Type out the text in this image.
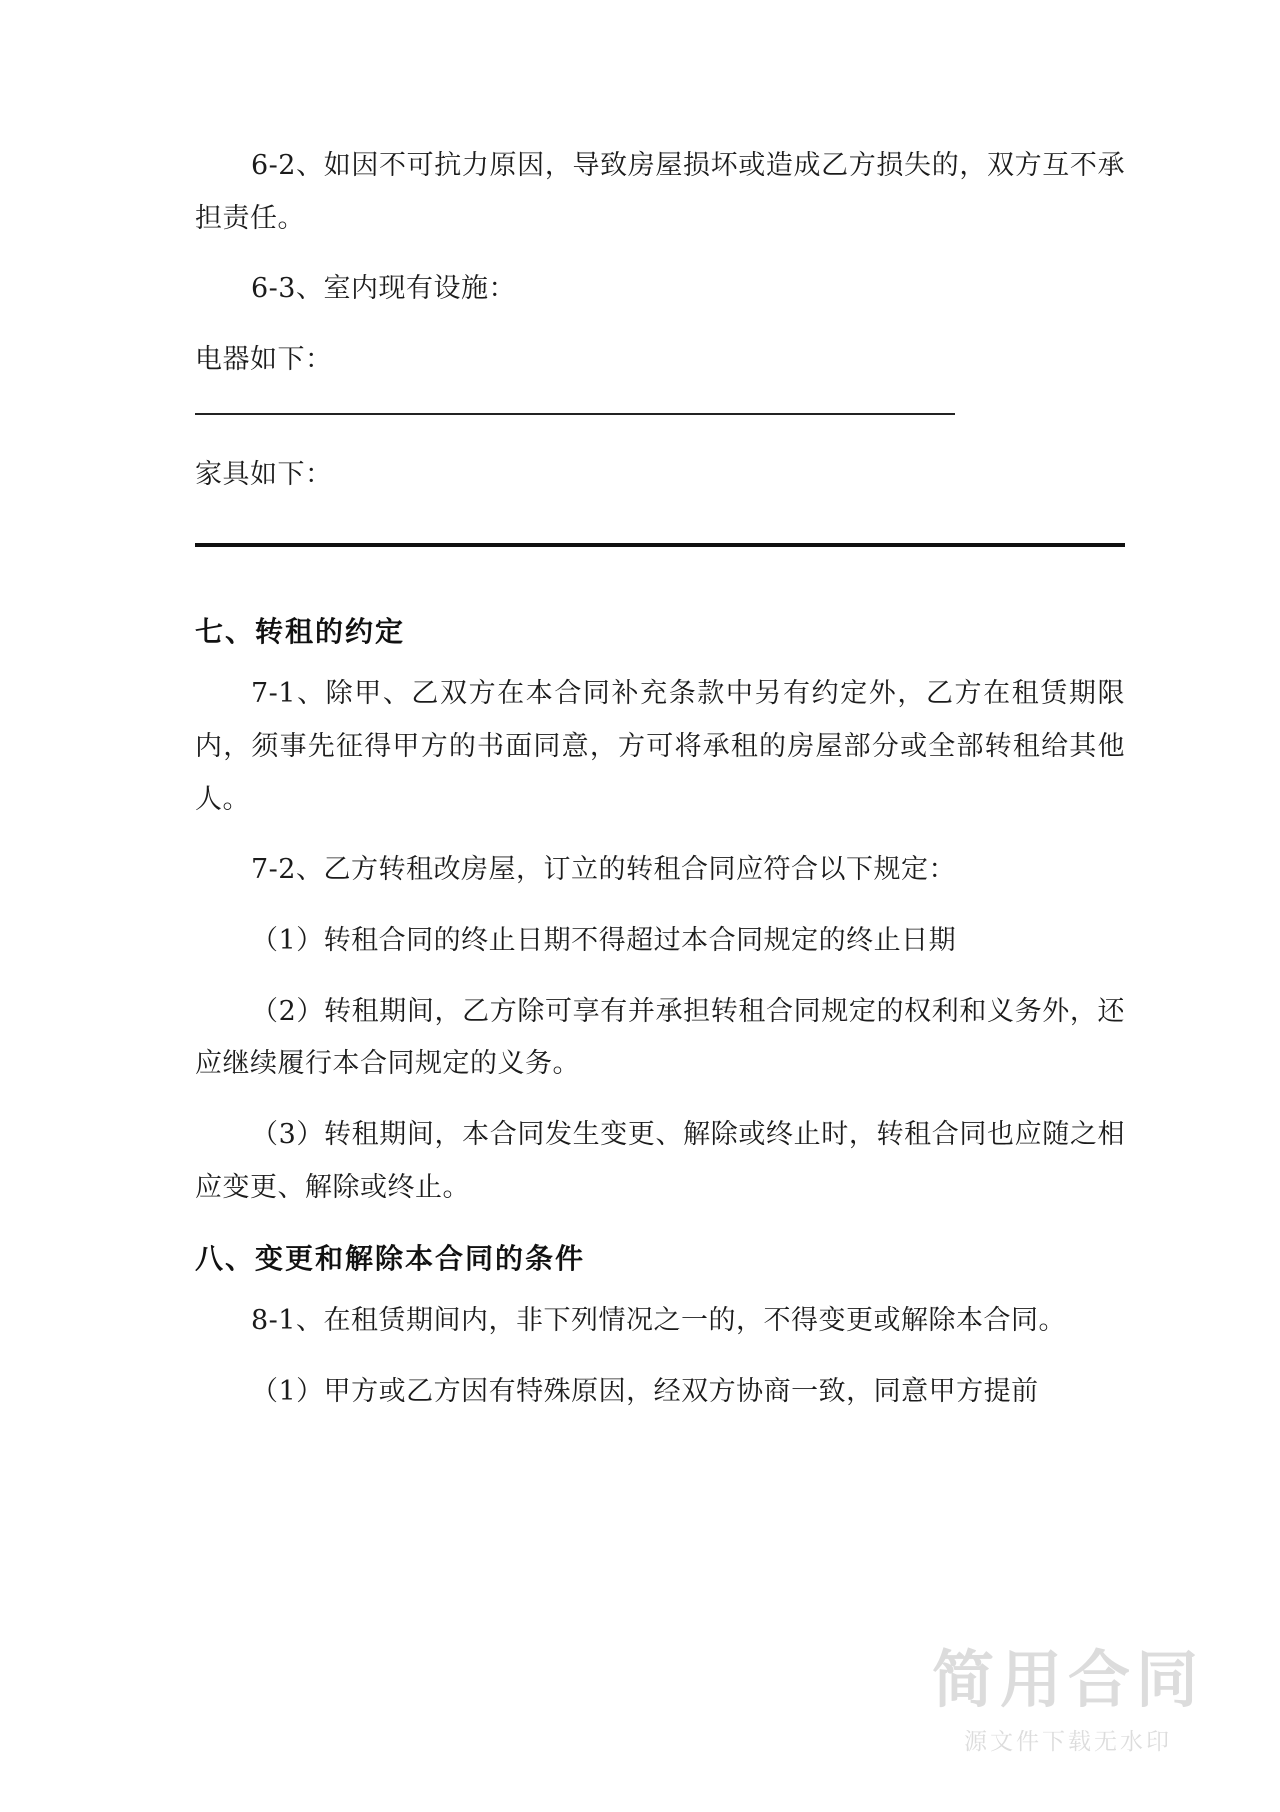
6-2、如因不可抗力原因，导致房屋损坏或造成乙方损失的，双方互不承担责任。

6-3、室内现有设施：

电器如下：

家具如下：

七、转租的约定

7-1、除甲、乙双方在本合同补充条款中另有约定外，乙方在租赁期限内，须事先征得甲方的书面同意，方可将承租的房屋部分或全部转租给其他人。

7-2、乙方转租改房屋，订立的转租合同应符合以下规定：

（1）转租合同的终止日期不得超过本合同规定的终止日期

（2）转租期间，乙方除可享有并承担转租合同规定的权利和义务外，还应继续履行本合同规定的义务。

（3）转租期间，本合同发生变更、解除或终止时，转租合同也应随之相应变更、解除或终止。

八、变更和解除本合同的条件

8-1、在租赁期间内，非下列情况之一的，不得变更或解除本合同。

（1）甲方或乙方因有特殊原因，经双方协商一致，同意甲方提前

简用合同
源文件下载无水印
